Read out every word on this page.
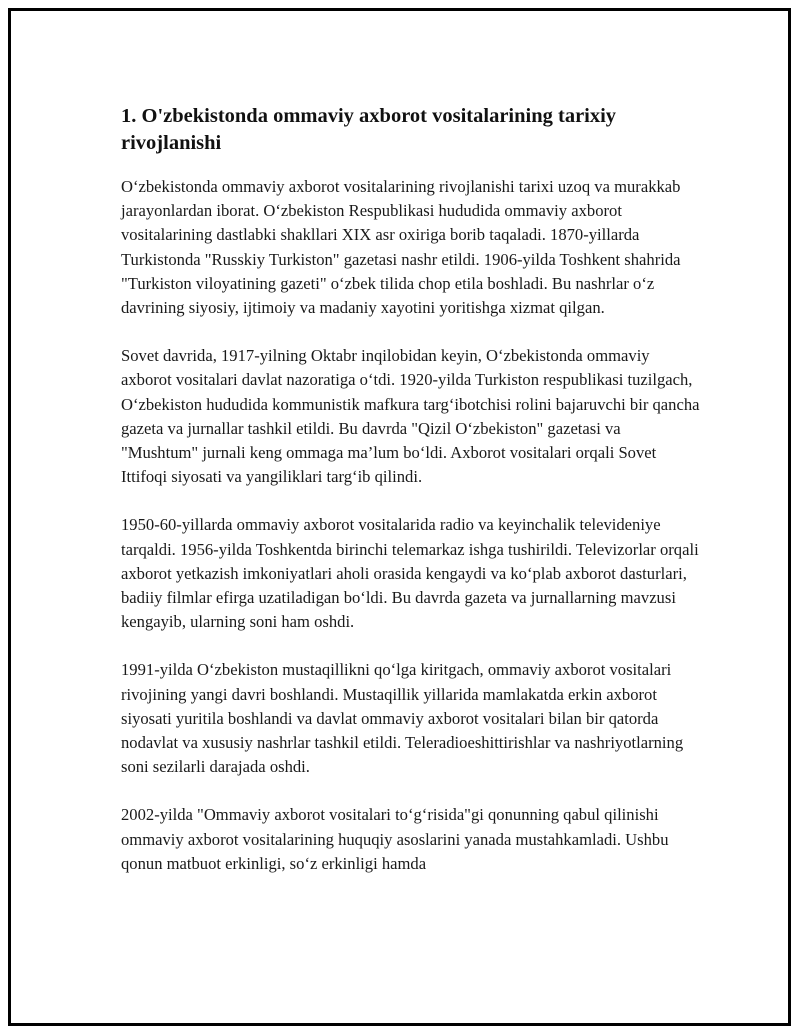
1. O'zbekistonda ommaviy axborot vositalarining tarixiy rivojlanishi

O‘zbekistonda ommaviy axborot vositalarining rivojlanishi tarixi uzoq va murakkab jarayonlardan iborat. O‘zbekiston Respublikasi hududida ommaviy axborot vositalarining dastlabki shakllari XIX asr oxiriga borib taqaladi. 1870-yillarda Turkistonda "Russkiy Turkiston" gazetasi nashr etildi. 1906-yilda Toshkent shahrida "Turkiston viloyatining gazeti" o‘zbek tilida chop etila boshladi. Bu nashrlar o‘z davrining siyosiy, ijtimoiy va madaniy xayotini yoritishga xizmat qilgan.

Sovet davrida, 1917-yilning Oktabr inqilobidan keyin, O‘zbekistonda ommaviy axborot vositalari davlat nazoratiga o‘tdi. 1920-yilda Turkiston respublikasi tuzilgach, O‘zbekiston hududida kommunistik mafkura targ‘ibotchisi rolini bajaruvchi bir qancha gazeta va jurnallar tashkil etildi. Bu davrda "Qizil O‘zbekiston" gazetasi va "Mushtum" jurnali keng ommaga ma’lum bo‘ldi. Axborot vositalari orqali Sovet Ittifoqi siyosati va yangiliklari targ‘ib qilindi.

1950-60-yillarda ommaviy axborot vositalarida radio va keyinchalik televideniye tarqaldi. 1956-yilda Toshkentda birinchi telemarkaz ishga tushirildi. Televizorlar orqali axborot yetkazish imkoniyatlari aholi orasida kengaydi va ko‘plab axborot dasturlari, badiiy filmlar efirga uzatiladigan bo‘ldi. Bu davrda gazeta va jurnallarning mavzusi kengayib, ularning soni ham oshdi.

1991-yilda O‘zbekiston mustaqillikni qo‘lga kiritgach, ommaviy axborot vositalari rivojining yangi davri boshlandi. Mustaqillik yillarida mamlakatda erkin axborot siyosati yuritila boshlandi va davlat ommaviy axborot vositalari bilan bir qatorda nodavlat va xususiy nashrlar tashkil etildi. Teleradioeshittirishlar va nashriyotlarning soni sezilarli darajada oshdi.

2002-yilda "Ommaviy axborot vositalari to‘g‘risida"gi qonunning qabul qilinishi ommaviy axborot vositalarining huquqiy asoslarini yanada mustahkamladi. Ushbu qonun matbuot erkinligi, so‘z erkinligi hamda
